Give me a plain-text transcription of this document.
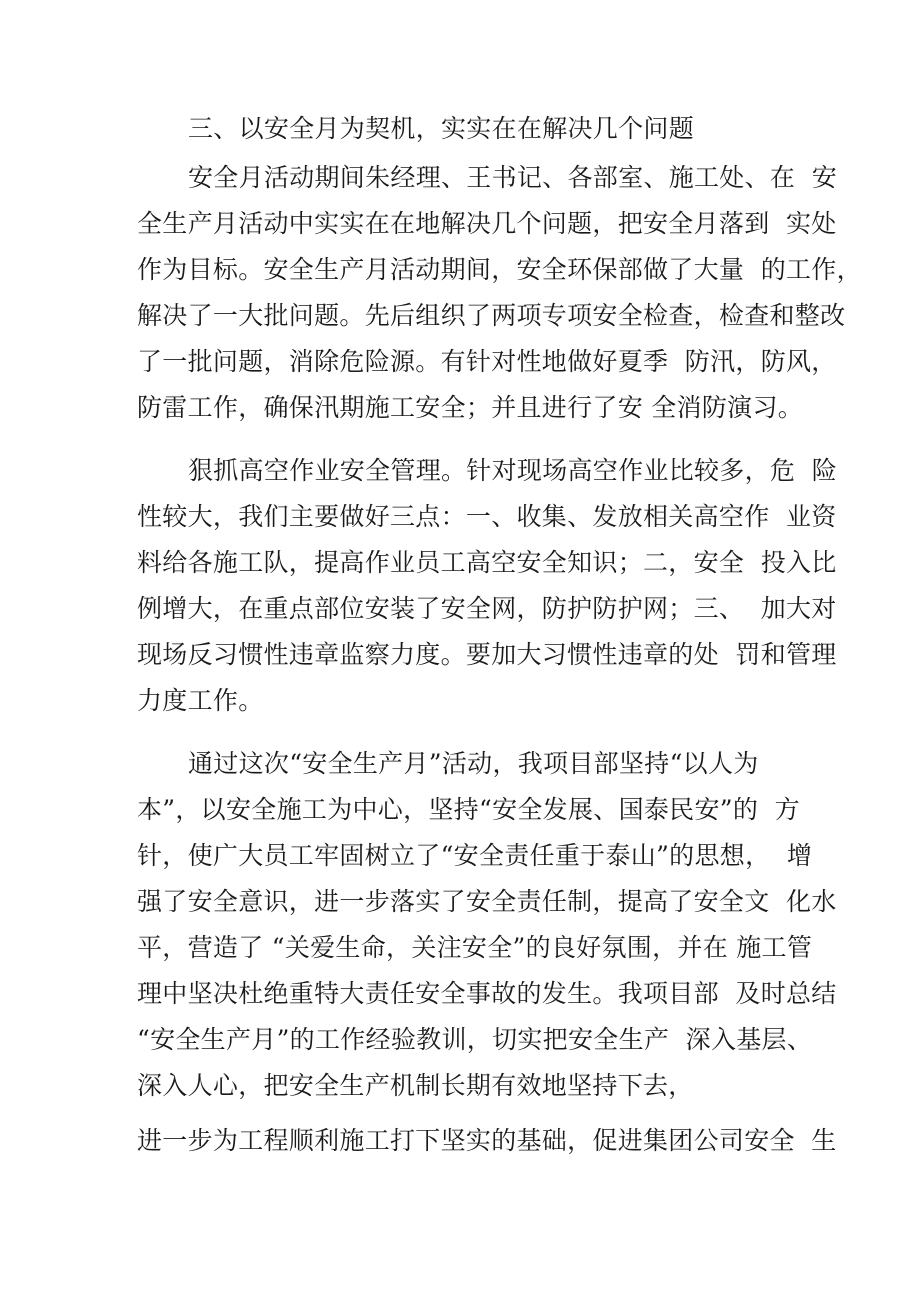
三、以安全月为契机，实实在在解决几个问题
安全月活动期间朱经理、王书记、各部室、施工处、在  安
全生产月活动中实实在在地解决几个问题，把安全月落到  实处
作为目标。安全生产月活动期间，安全环保部做了大量  的工作，
解决了一大批问题。先后组织了两项专项安全检查，检查和整改
了一批问题，消除危险源。有针对性地做好夏季  防汛，防风，
防雷工作，确保汛期施工安全；并且进行了安 全消防演习。
狠抓高空作业安全管理。针对现场高空作业比较多，危  险
性较大，我们主要做好三点：一、收集、发放相关高空作  业资
料给各施工队，提高作业员工高空安全知识；二，安全  投入比
例增大，在重点部位安装了安全网，防护防护网；三、  加大对
现场反习惯性违章监察力度。要加大习惯性违章的处  罚和管理
力度工作。
通过这次“安全生产月”活动，我项目部坚持“以人为
本”，以安全施工为中心，坚持“安全发展、国泰民安”的  方
针，使广大员工牢固树立了“安全责任重于泰山”的思想，  增
强了安全意识，进一步落实了安全责任制，提高了安全文  化水
平，营造了 “关爱生命，关注安全”的良好氛围，并在 施工管
理中坚决杜绝重特大责任安全事故的发生。我项目部  及时总结
“安全生产月”的工作经验教训，切实把安全生产  深入基层、
深入人心，把安全生产机制长期有效地坚持下去，
进一步为工程顺利施工打下坚实的基础，促进集团公司安全  生
